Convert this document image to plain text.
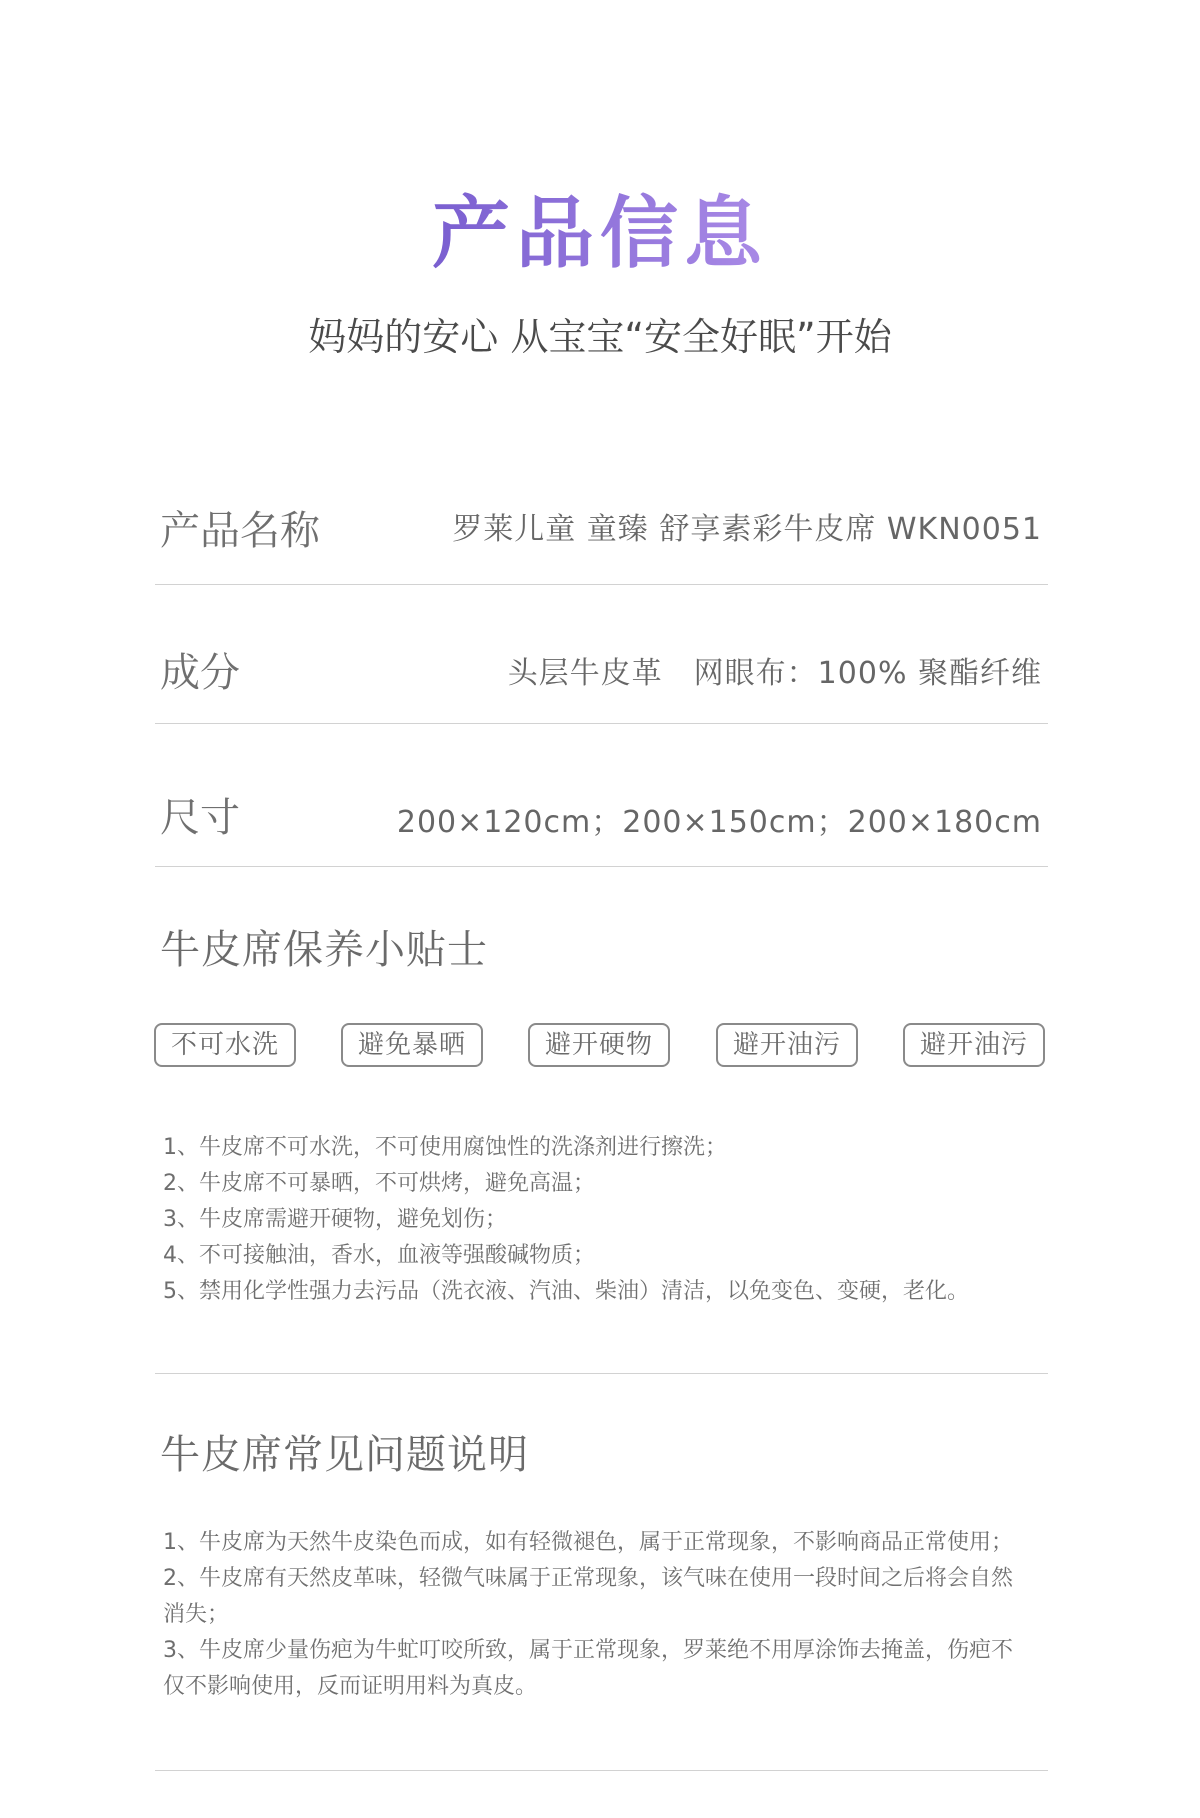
产品信息
妈妈的安心 从宝宝“安全好眠”开始
产品名称	罗莱儿童 童臻 舒享素彩牛皮席 WKN0051
成分	头层牛皮革　网眼布：100% 聚酯纤维
尺寸	200×120cm；200×150cm；200×180cm
牛皮席保养小贴士
不可水洗	避免暴晒	避开硬物	避开油污	避开油污
1、牛皮席不可水洗，不可使用腐蚀性的洗涤剂进行擦洗；
2、牛皮席不可暴晒，不可烘烤，避免高温；
3、牛皮席需避开硬物，避免划伤；
4、不可接触油，香水，血液等强酸碱物质；
5、禁用化学性强力去污品（洗衣液、汽油、柴油）清洁，以免变色、变硬，老化。
牛皮席常见问题说明
1、牛皮席为天然牛皮染色而成，如有轻微褪色，属于正常现象，不影响商品正常使用；
2、牛皮席有天然皮革味，轻微气味属于正常现象，该气味在使用一段时间之后将会自然
消失；
3、牛皮席少量伤疤为牛虻叮咬所致，属于正常现象，罗莱绝不用厚涂饰去掩盖，伤疤不
仅不影响使用，反而证明用料为真皮。
